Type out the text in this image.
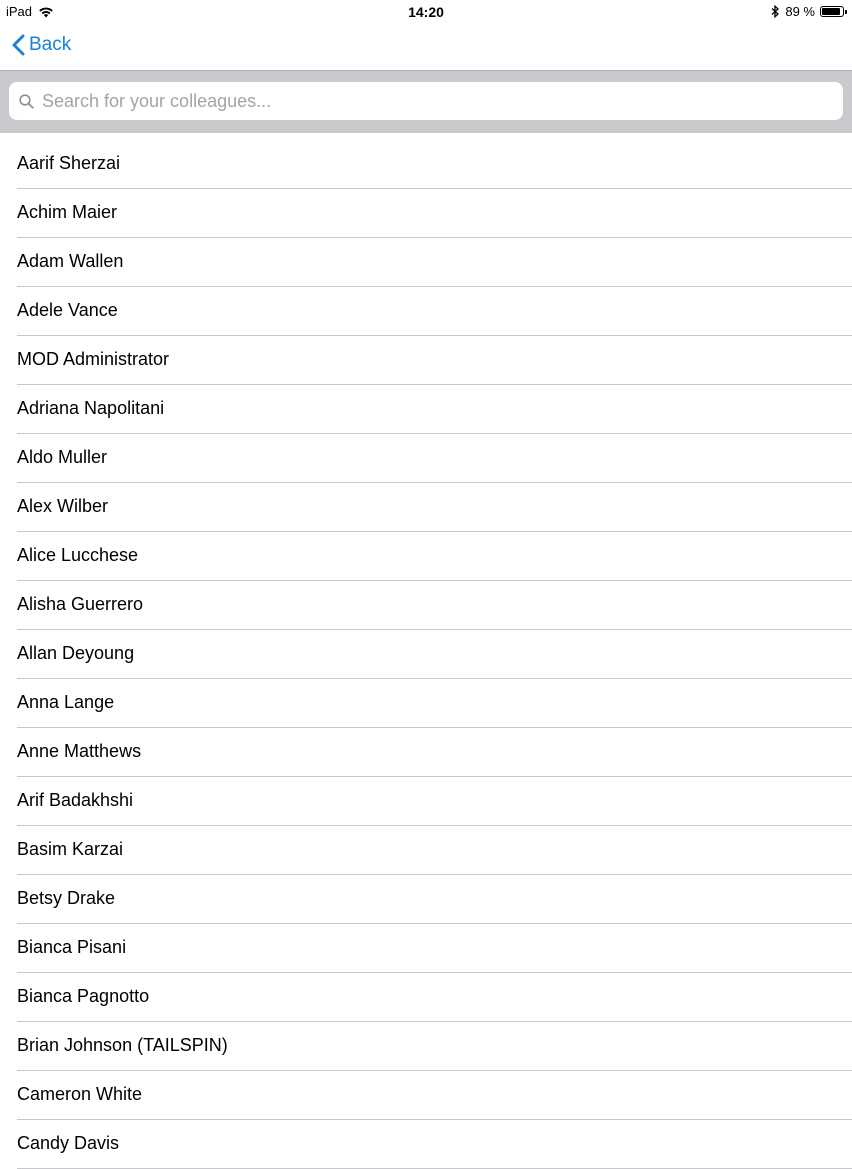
iPad	14:20	89 %
Back
Search for your colleagues...
Aarif Sherzai
Achim Maier
Adam Wallen
Adele Vance
MOD Administrator
Adriana Napolitani
Aldo Muller
Alex Wilber
Alice Lucchese
Alisha Guerrero
Allan Deyoung
Anna Lange
Anne Matthews
Arif Badakhshi
Basim Karzai
Betsy Drake
Bianca Pisani
Bianca Pagnotto
Brian Johnson (TAILSPIN)
Cameron White
Candy Davis
